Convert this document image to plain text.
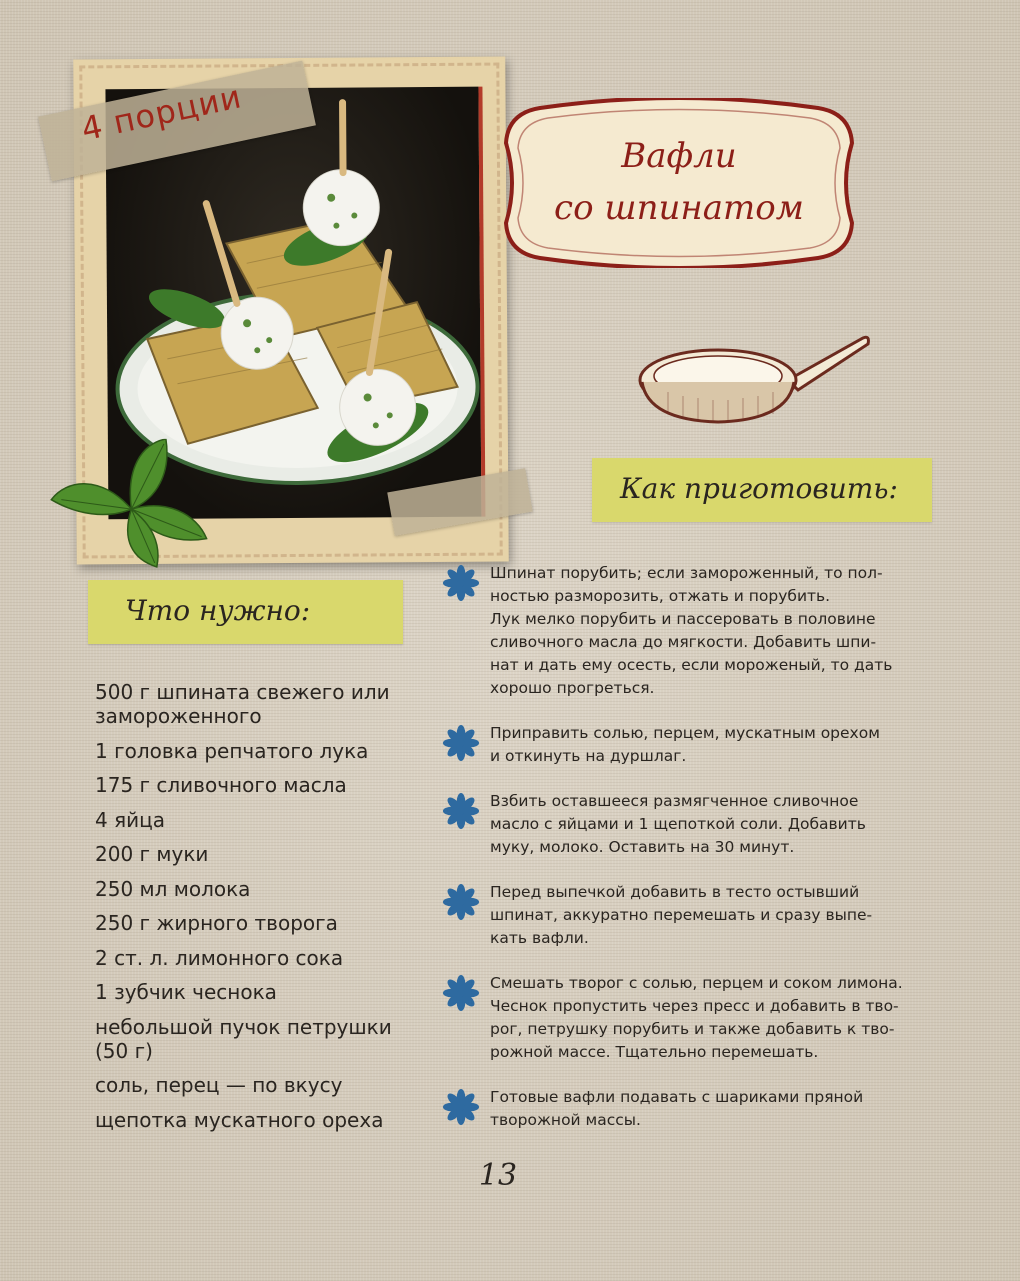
4 порции
Вафли
со шпинатом
Как приготовить:
Что нужно:
500 г шпината свежего или замороженного
1 головка репчатого лука
175 г сливочного масла
4 яйца
200 г муки
250 мл молока
250 г жирного творога
2 ст. л. лимонного сока
1 зубчик чеснока
небольшой пучок петрушки (50 г)
соль, перец — по вкусу
щепотка мускатного ореха
Шпинат порубить; если замороженный, то пол-
ностью разморозить, отжать и порубить.
Лук мелко порубить и пассеровать в половине
сливочного масла до мягкости. Добавить шпи-
нат и дать ему осесть, если мороженый, то дать
хорошо прогреться.
Приправить солью, перцем, мускатным орехом
и откинуть на дуршлаг.
Взбить оставшееся размягченное сливочное
масло с яйцами и 1 щепоткой соли. Добавить
муку, молоко. Оставить на 30 минут.
Перед выпечкой добавить в тесто остывший
шпинат, аккуратно перемешать и сразу выпе-
кать вафли.
Смешать творог с солью, перцем и соком лимона.
Чеснок пропустить через пресс и добавить в тво-
рог, петрушку порубить и также добавить к тво-
рожной массе. Тщательно перемешать.
Готовые вафли подавать с шариками пряной
творожной массы.
13
